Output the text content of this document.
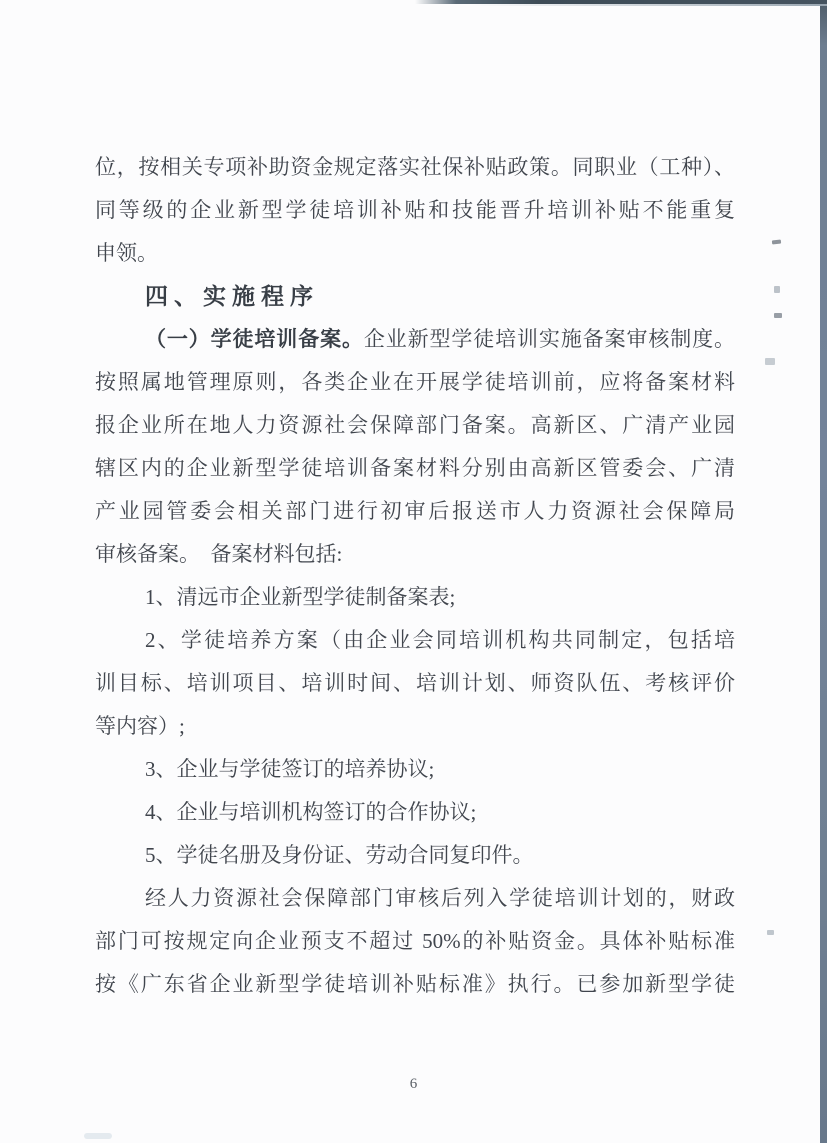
位，按相关专项补助资金规定落实社保补贴政策。同职业（工种）、
同等级的企业新型学徒培训补贴和技能晋升培训补贴不能重复
申领。
四、实施程序
（一）学徒培训备案。企业新型学徒培训实施备案审核制度。
按照属地管理原则，各类企业在开展学徒培训前，应将备案材料
报企业所在地人力资源社会保障部门备案。高新区、广清产业园
辖区内的企业新型学徒培训备案材料分别由高新区管委会、广清
产业园管委会相关部门进行初审后报送市人力资源社会保障局
审核备案。　备案材料包括:
1、清远市企业新型学徒制备案表;
2、学徒培养方案（由企业会同培训机构共同制定，包括培
训目标、培训项目、培训时间、培训计划、师资队伍、考核评价
等内容）;
3、企业与学徒签订的培养协议;
4、企业与培训机构签订的合作协议;
5、学徒名册及身份证、劳动合同复印件。
经人力资源社会保障部门审核后列入学徒培训计划的，财政
部门可按规定向企业预支不超过 50%的补贴资金。具体补贴标准
按《广东省企业新型学徒培训补贴标准》执行。已参加新型学徒
6
